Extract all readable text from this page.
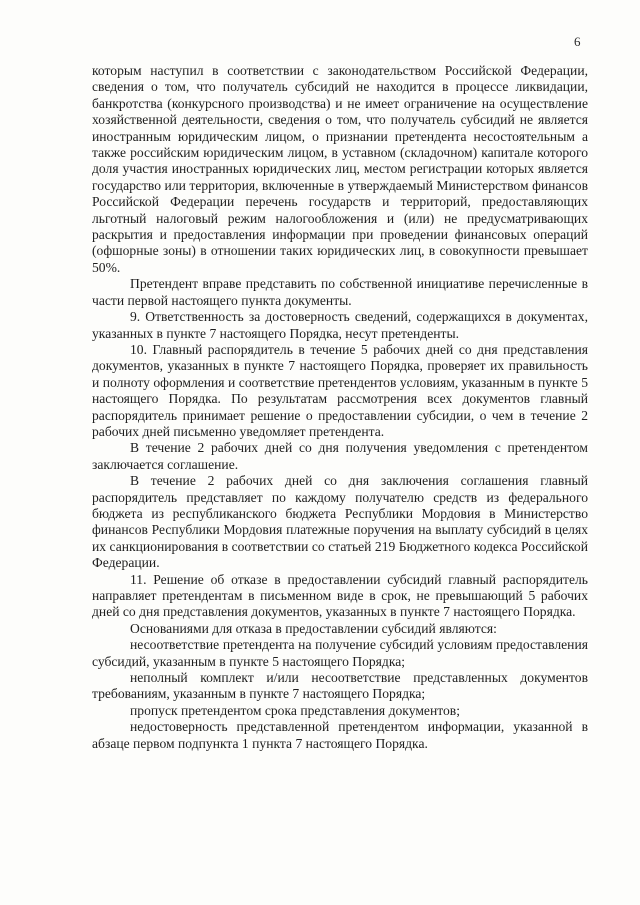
6

которым наступил в соответствии с законодательством Российской Федерации, сведения о том, что получатель субсидий не находится в процессе ликвидации, банкротства (конкурсного производства) и не имеет ограничение на осуществление хозяйственной деятельности, сведения о том, что получатель субсидий не является иностранным юридическим лицом, о признании претендента несостоятельным а также российским юридическим лицом, в уставном (складочном) капитале которого доля участия иностранных юридических лиц, местом регистрации которых является государство или территория, включенные в утверждаемый Министерством финансов Российской Федерации перечень государств и территорий, предоставляющих льготный налоговый режим налогообложения и (или) не предусматривающих раскрытия и предоставления информации при проведении финансовых операций (офшорные зоны) в отношении таких юридических лиц, в совокупности превышает 50%.

Претендент вправе представить по собственной инициативе перечисленные в части первой настоящего пункта документы.

9. Ответственность за достоверность сведений, содержащихся в документах, указанных в пункте 7 настоящего Порядка, несут претенденты.

10. Главный распорядитель в течение 5 рабочих дней со дня представления документов, указанных в пункте 7 настоящего Порядка, проверяет их правильность и полноту оформления и соответствие претендентов условиям, указанным в пункте 5 настоящего Порядка. По результатам рассмотрения всех документов главный распорядитель принимает решение о предоставлении субсидии, о чем в течение 2 рабочих дней письменно уведомляет претендента.

В течение 2 рабочих дней со дня получения уведомления с претендентом заключается соглашение.

В течение 2 рабочих дней со дня заключения соглашения главный распорядитель представляет по каждому получателю средств из федерального бюджета из республиканского бюджета Республики Мордовия в Министерство финансов Республики Мордовия платежные поручения на выплату субсидий в целях их санкционирования в соответствии со статьей 219 Бюджетного кодекса Российской Федерации.

11. Решение об отказе в предоставлении субсидий главный распорядитель направляет претендентам в письменном виде в срок, не превышающий 5 рабочих дней со дня представления документов, указанных в пункте 7 настоящего Порядка.

Основаниями для отказа в предоставлении субсидий являются:

несоответствие претендента на получение субсидий условиям предоставления субсидий, указанным в пункте 5 настоящего Порядка;

неполный комплект и/или несоответствие представленных документов требованиям, указанным в пункте 7 настоящего Порядка;

пропуск претендентом срока представления документов;

недостоверность представленной претендентом информации, указанной в абзаце первом подпункта 1 пункта 7 настоящего Порядка.
